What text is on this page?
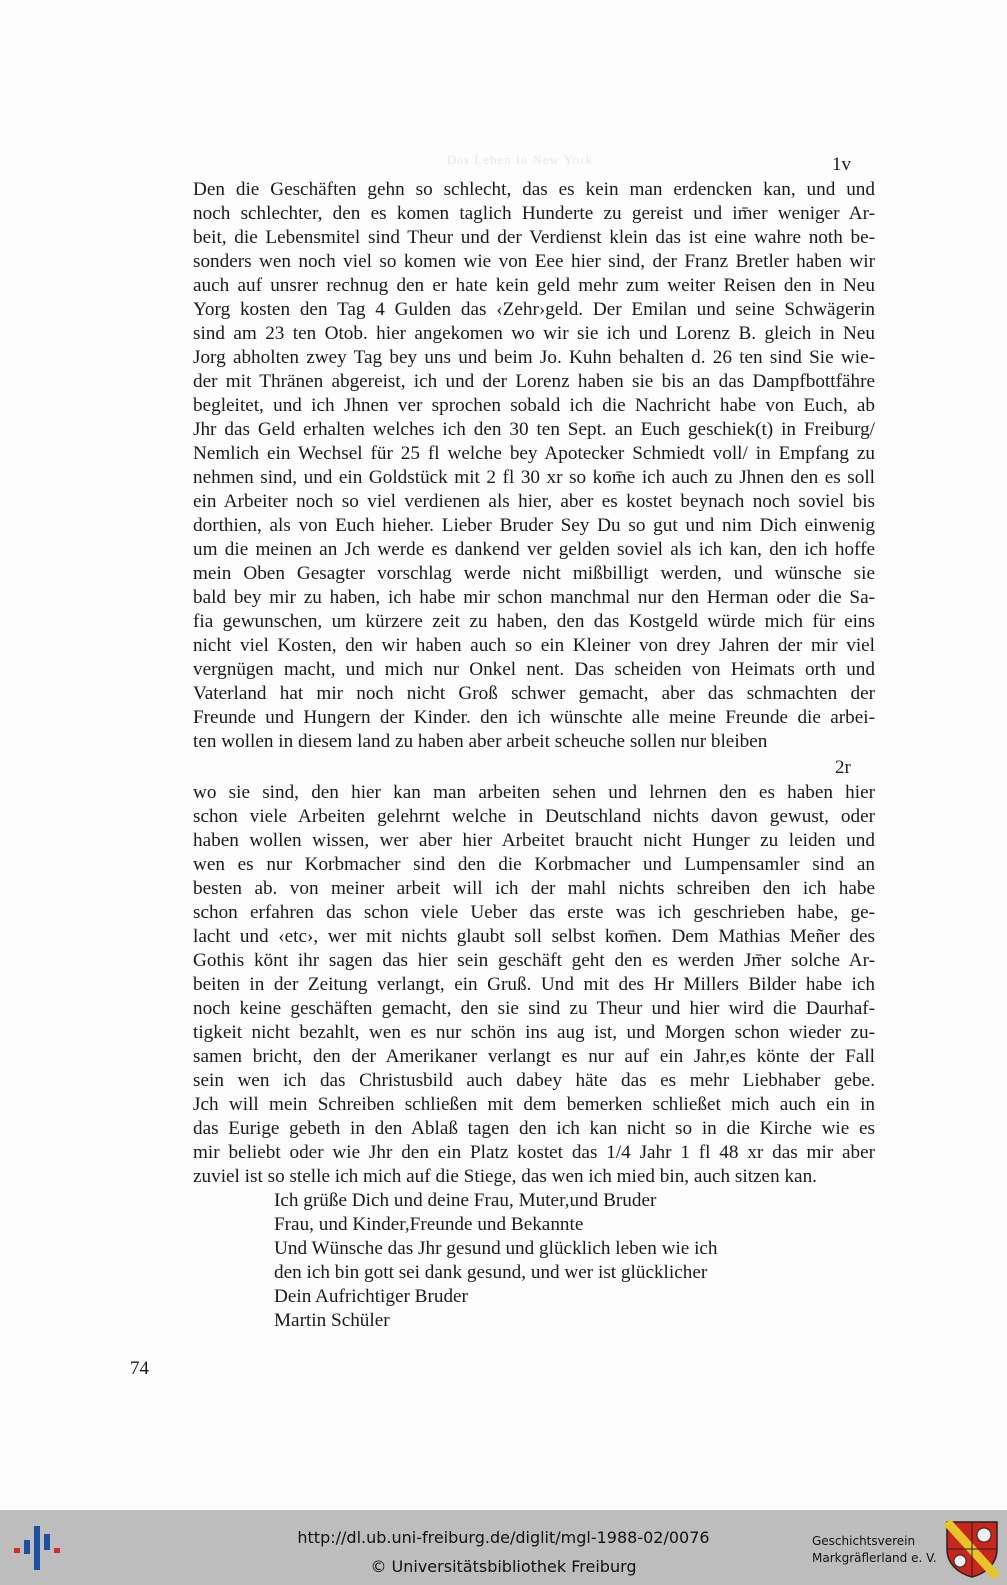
Das Leben in New York	1v
Den die Geschäften gehn so schlecht, das es kein man erdencken kan, und und
noch schlechter, den es komen taglich Hunderte zu gereist und im̄er weniger Ar-
beit, die Lebensmitel sind Theur und der Verdienst klein das ist eine wahre noth be-
sonders wen noch viel so komen wie von Eee hier sind, der Franz Bretler haben wir
auch auf unsrer rechnug den er hate kein geld mehr zum weiter Reisen den in Neu
Yorg kosten den Tag 4 Gulden das ‹Zehr›geld. Der Emilan und seine Schwägerin
sind am 23 ten Otob. hier angekomen wo wir sie ich und Lorenz B. gleich in Neu
Jorg abholten zwey Tag bey uns und beim Jo. Kuhn behalten d. 26 ten sind Sie wie-
der mit Thränen abgereist, ich und der Lorenz haben sie bis an das Dampfbottfähre
begleitet, und ich Jhnen ver sprochen sobald ich die Nachricht habe von Euch, ab
Jhr das Geld erhalten welches ich den 30 ten Sept. an Euch geschiek(t) in Freiburg/
Nemlich ein Wechsel für 25 fl welche bey Apotecker Schmiedt voll/ in Empfang zu
nehmen sind, und ein Goldstück mit 2 fl 30 xr so kom̄e ich auch zu Jhnen den es soll
ein Arbeiter noch so viel verdienen als hier, aber es kostet beynach noch soviel bis
dorthien, als von Euch hieher. Lieber Bruder Sey Du so gut und nim Dich einwenig
um die meinen an Jch werde es dankend ver gelden soviel als ich kan, den ich hoffe
mein Oben Gesagter vorschlag werde nicht mißbilligt werden, und wünsche sie
bald bey mir zu haben, ich habe mir schon manchmal nur den Herman oder die Sa-
fia gewunschen, um kürzere zeit zu haben, den das Kostgeld würde mich für eins
nicht viel Kosten, den wir haben auch so ein Kleiner von drey Jahren der mir viel
vergnügen macht, und mich nur Onkel nent. Das scheiden von Heimats orth und
Vaterland hat mir noch nicht Groß schwer gemacht, aber das schmachten der
Freunde und Hungern der Kinder. den ich wünschte alle meine Freunde die arbei-
ten wollen in diesem land zu haben aber arbeit scheuche sollen nur bleiben
2r
wo sie sind, den hier kan man arbeiten sehen und lehrnen den es haben hier
schon viele Arbeiten gelehrnt welche in Deutschland nichts davon gewust, oder
haben wollen wissen, wer aber hier Arbeitet braucht nicht Hunger zu leiden und
wen es nur Korbmacher sind den die Korbmacher und Lumpensamler sind an
besten ab. von meiner arbeit will ich der mahl nichts schreiben den ich habe
schon erfahren das schon viele Ueber das erste was ich geschrieben habe, ge-
lacht und ‹etc›, wer mit nichts glaubt soll selbst kom̄en. Dem Mathias Meñer des
Gothis könt ihr sagen das hier sein geschäft geht den es werden Jm̄er solche Ar-
beiten in der Zeitung verlangt, ein Gruß. Und mit des Hr Millers Bilder habe ich
noch keine geschäften gemacht, den sie sind zu Theur und hier wird die Daurhaf-
tigkeit nicht bezahlt, wen es nur schön ins aug ist, und Morgen schon wieder zu-
samen bricht, den der Amerikaner verlangt es nur auf ein Jahr,es könte der Fall
sein wen ich das Christusbild auch dabey häte das es mehr Liebhaber gebe.
Jch will mein Schreiben schließen mit dem bemerken schließet mich auch ein in
das Eurige gebeth in den Ablaß tagen den ich kan nicht so in die Kirche wie es
mir beliebt oder wie Jhr den ein Platz kostet das 1/4 Jahr 1 fl 48 xr das mir aber
zuviel ist so stelle ich mich auf die Stiege, das wen ich mied bin, auch sitzen kan.
Ich grüße Dich und deine Frau, Muter,und Bruder
Frau, und Kinder,Freunde und Bekannte
Und Wünsche das Jhr gesund und glücklich leben wie ich
den ich bin gott sei dank gesund, und wer ist glücklicher
Dein Aufrichtiger Bruder
Martin Schüler
74
http://dl.ub.uni-freiburg.de/diglit/mgl-1988-02/0076
© Universitätsbibliothek Freiburg
Geschichtsverein
Markgräflerland e. V.
